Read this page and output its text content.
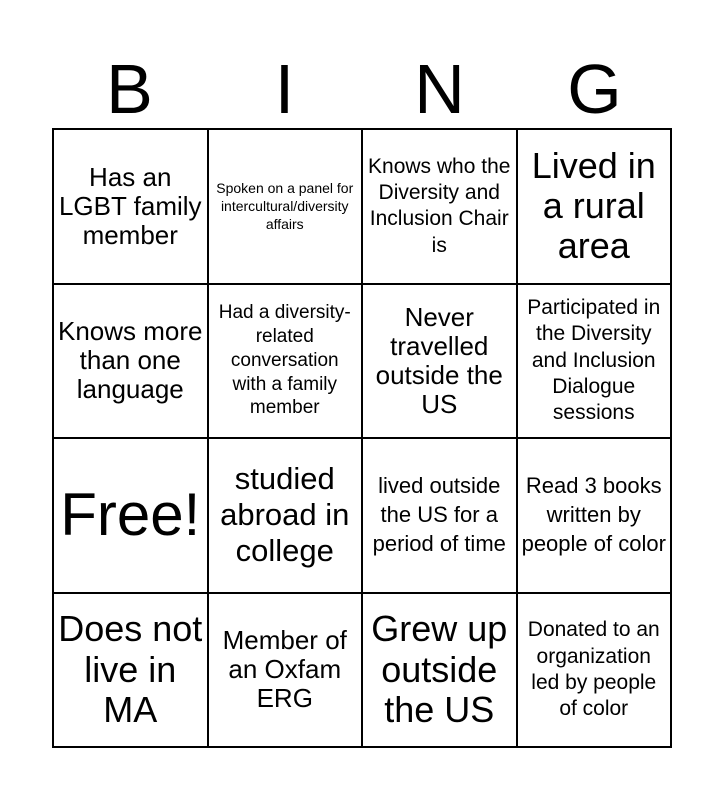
B	I	N	G
Has an LGBT family member
Spoken on a panel for intercultural/diversity affairs
Knows who the Diversity and Inclusion Chair is
Lived in a rural area
Knows more than one language
Had a diversity-related conversation with a family member
Never travelled outside the US
Participated in the Diversity and Inclusion Dialogue sessions
Free!
studied abroad in college
lived outside the US for a period of time
Read 3 books written by people of color
Does not live in MA
Member of an Oxfam ERG
Grew up outside the US
Donated to an organization led by people of color
